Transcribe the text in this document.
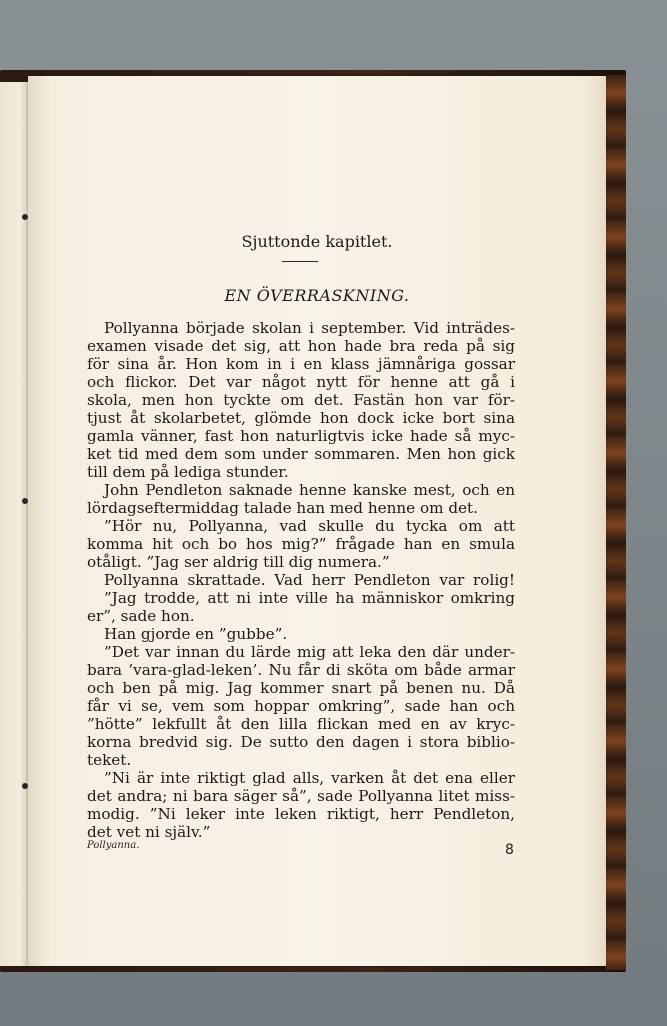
Sjuttonde kapitlet.
EN ÖVERRASKNING.
Pollyanna började skolan i september. Vid inträdes-
examen visade det sig, att hon hade bra reda på sig
för sina år. Hon kom in i en klass jämnåriga gossar
och flickor. Det var något nytt för henne att gå i
skola, men hon tyckte om det. Fastän hon var för-
tjust åt skolarbetet, glömde hon dock icke bort sina
gamla vänner, fast hon naturligtvis icke hade så myc-
ket tid med dem som under sommaren. Men hon gick
till dem på lediga stunder.
John Pendleton saknade henne kanske mest, och en
lördagseftermiddag talade han med henne om det.
”Hör nu, Pollyanna, vad skulle du tycka om att
komma hit och bo hos mig?” frågade han en smula
otåligt. ”Jag ser aldrig till dig numera.”
Pollyanna skrattade. Vad herr Pendleton var rolig!
”Jag trodde, att ni inte ville ha människor omkring
er”, sade hon.
Han gjorde en ”gubbe”.
”Det var innan du lärde mig att leka den där under-
bara ’vara-glad-leken’. Nu får di sköta om både armar
och ben på mig. Jag kommer snart på benen nu. Då
får vi se, vem som hoppar omkring”, sade han och
”hötte” lekfullt åt den lilla flickan med en av kryc-
korna bredvid sig. De sutto den dagen i stora biblio-
teket.
”Ni är inte riktigt glad alls, varken åt det ena eller
det andra; ni bara säger så”, sade Pollyanna litet miss-
modig. ”Ni leker inte leken riktigt, herr Pendleton,
det vet ni själv.”
Pollyanna.	8
